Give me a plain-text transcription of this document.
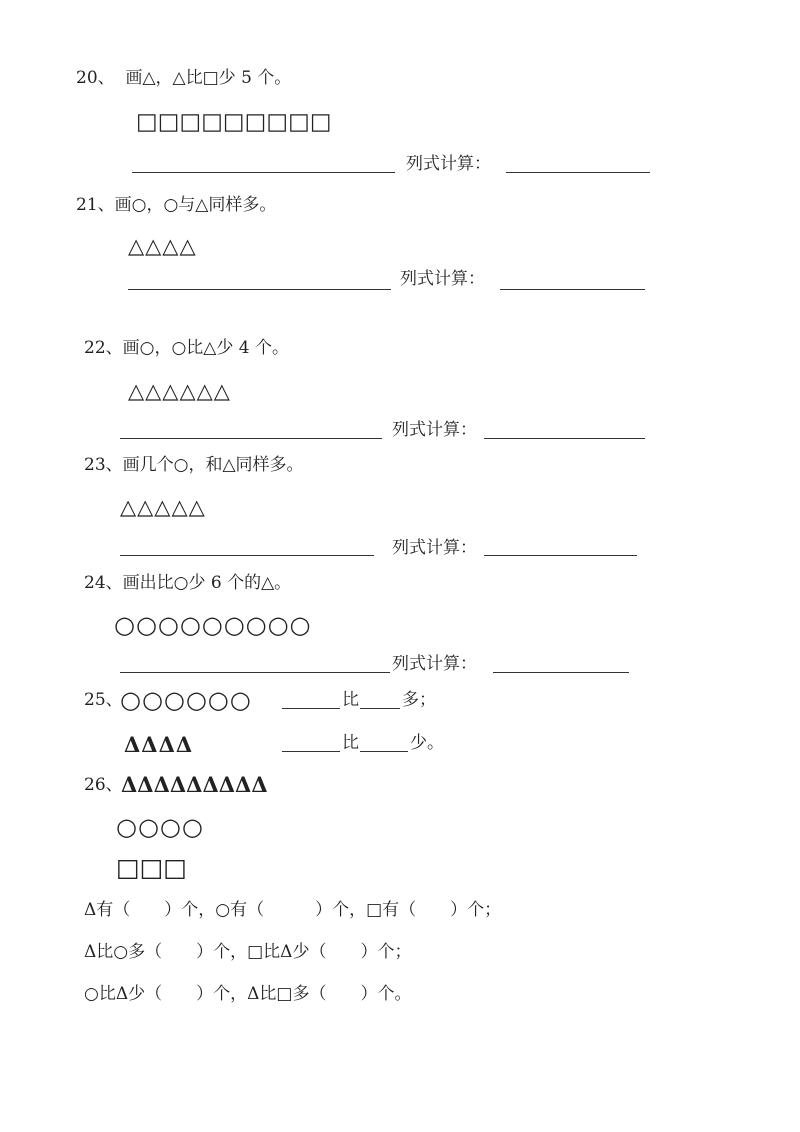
20、 画△，△比□少 5 个。
□□□□□□□□□
列式计算：
21、画○，○与△同样多。
△△△△
列式计算：
22、画○，○比△少 4 个。
△△△△△△
列式计算：
23、画几个○，和△同样多。
△△△△△
列式计算：
24、画出比○少 6 个的△。
○○○○○○○○○
列式计算：
25、
○○○○○○	比	多；
ΔΔΔΔ	比	少。
26、
ΔΔΔΔΔΔΔΔΔ
○○○○
□□□
Δ有（　　）个，○有（　　　）个，□有（　　）个；
Δ比○多（　　）个，□比Δ少（　　）个；
○比Δ少（　　）个，Δ比□多（　　）个。
